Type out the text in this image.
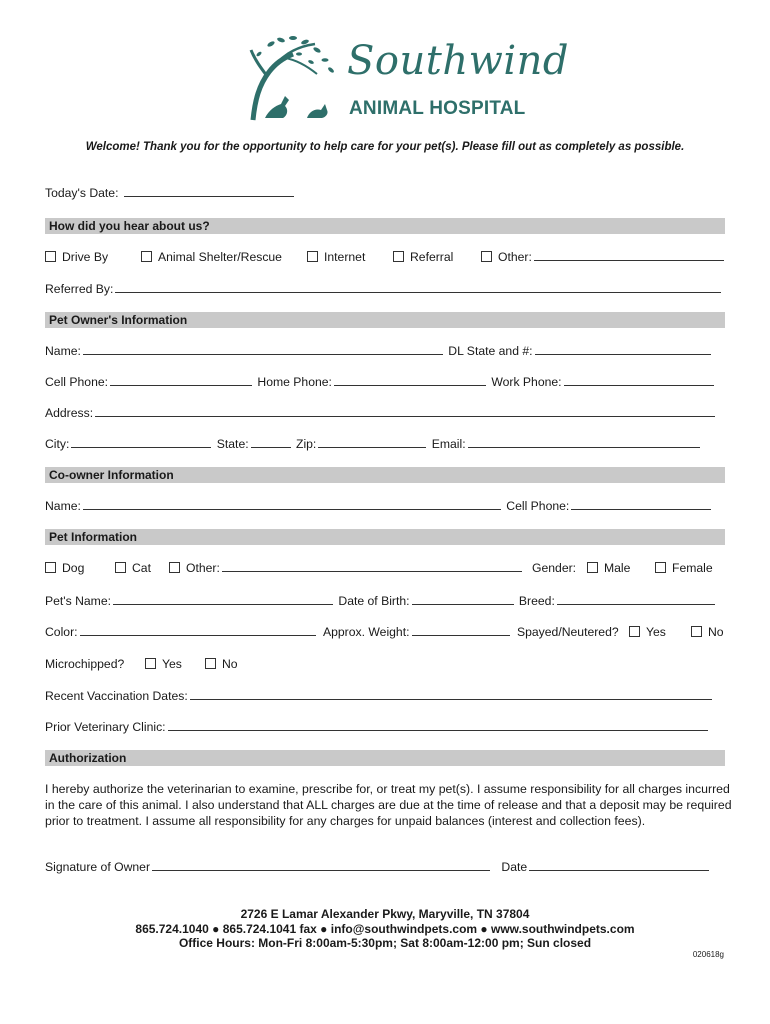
Southwind
ANIMAL HOSPITAL
Welcome! Thank you for the opportunity to help care for your pet(s). Please fill out as completely as possible.
Today's Date:
How did you hear about us?
Drive By	Animal Shelter/Rescue	Internet	Referral	Other:
Referred By:
Pet Owner's Information
Name:	DL State and #:
Cell Phone:	Home Phone:	Work Phone:
Address:
City:	State:	Zip:	Email:
Co-owner Information
Name:	Cell Phone:
Pet Information
Dog	Cat	Other:	Gender:	Male	Female
Pet's Name:	Date of Birth:	Breed:
Color:	Approx. Weight:	Spayed/Neutered?	Yes	No
Microchipped?	Yes	No
Recent Vaccination Dates:
Prior Veterinary Clinic:
Authorization
I hereby authorize the veterinarian to examine, prescribe for, or treat my pet(s). I assume responsibility for all charges incurred in the care of this animal. I also understand that ALL charges are due at the time of release and that a deposit may be required prior to treatment. I assume all responsibility for any charges for unpaid balances (interest and collection fees).
Signature of Owner	Date
2726 E Lamar Alexander Pkwy, Maryville, TN 37804
865.724.1040 ● 865.724.1041 fax ● info@southwindpets.com ● www.southwindpets.com
Office Hours: Mon-Fri 8:00am-5:30pm; Sat 8:00am-12:00 pm; Sun closed
020618g
